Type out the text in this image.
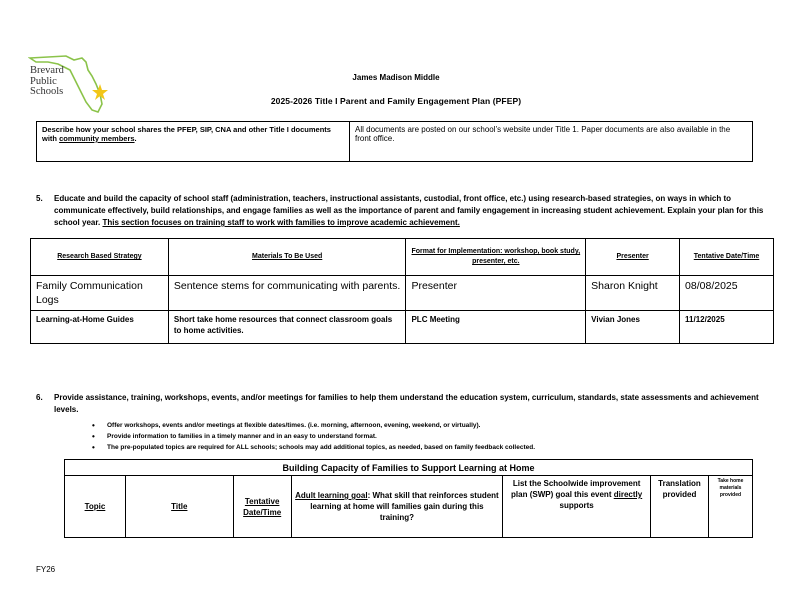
Brevard
Public
Schools
James Madison Middle
2025-2026 Title I Parent and Family Engagement Plan (PFEP)
Describe how your school shares the PFEP, SIP, CNA and other Title I documents with community members.	All documents are posted on our school’s website under Title 1. Paper documents are also available in the front office.
5. Educate and build the capacity of school staff (administration, teachers, instructional assistants, custodial, front office, etc.) using research-based strategies, on ways in which to communicate effectively, build relationships, and engage families as well as the importance of parent and family engagement in increasing student achievement. Explain your plan for this school year. This section focuses on training staff to work with families to improve academic achievement.
Research Based Strategy	Materials To Be Used	Format for Implementation: workshop, book study, presenter, etc.	Presenter	Tentative Date/Time
Family Communication Logs	Sentence stems for communicating with parents.	Presenter	Sharon Knight	08/08/2025
Learning-at-Home Guides	Short take home resources that connect classroom goals to home activities.	PLC Meeting	Vivian Jones	11/12/2025
6. Provide assistance, training, workshops, events, and/or meetings for families to help them understand the education system, curriculum, standards, state assessments and achievement levels.
• Offer workshops, events and/or meetings at flexible dates/times. (i.e. morning, afternoon, evening, weekend, or virtually).
• Provide information to families in a timely manner and in an easy to understand format.
• The pre-populated topics are required for ALL schools; schools may add additional topics, as needed, based on family feedback collected.
Building Capacity of Families to Support Learning at Home
Topic	Title	Tentative Date/Time	Adult learning goal: What skill that reinforces student learning at home will families gain during this training?	List the Schoolwide improvement plan (SWP) goal this event directly supports	Translation provided	Take home materials provided
FY26
